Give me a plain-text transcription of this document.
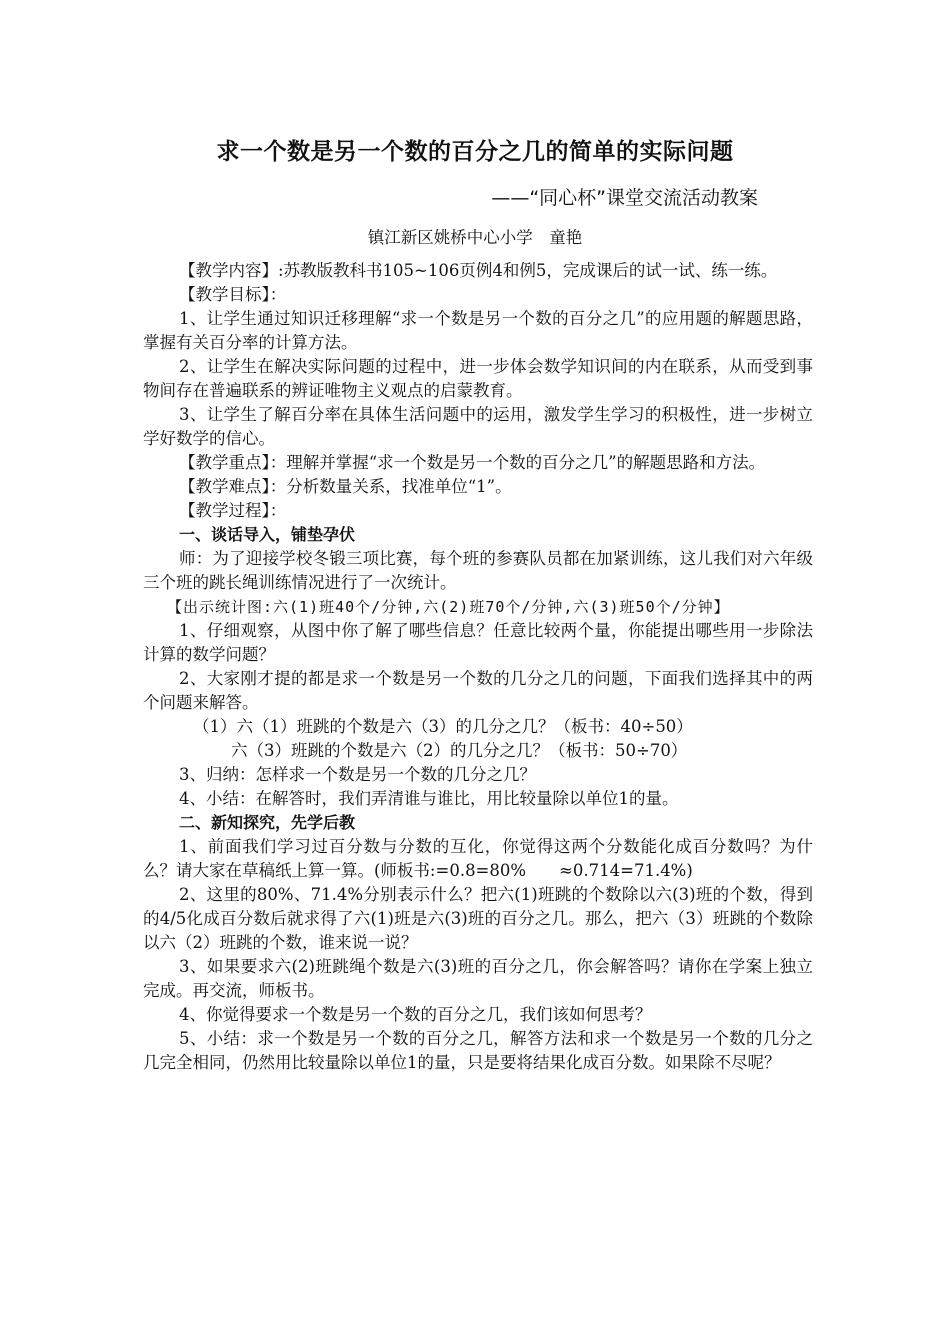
求一个数是另一个数的百分之几的简单的实际问题
——“同心杯”课堂交流活动教案
镇江新区姚桥中心小学　童艳

【教学内容】:苏教版教科书105~106页例4和例5，完成课后的试一试、练一练。

【教学目标】：

1、让学生通过知识迁移理解“求一个数是另一个数的百分之几”的应用题的解题思路，掌握有关百分率的计算方法。

2、让学生在解决实际问题的过程中，进一步体会数学知识间的内在联系，从而受到事物间存在普遍联系的辨证唯物主义观点的启蒙教育。

3、让学生了解百分率在具体生活问题中的运用，激发学生学习的积极性，进一步树立学好数学的信心。

【教学重点】：理解并掌握“求一个数是另一个数的百分之几”的解题思路和方法。

【教学难点】：分析数量关系，找准单位“1”。

【教学过程】：

一、谈话导入，铺垫孕伏

师：为了迎接学校冬锻三项比赛，每个班的参赛队员都在加紧训练，这儿我们对六年级三个班的跳长绳训练情况进行了一次统计。

【出示统计图:六(1)班40个/分钟,六(2)班70个/分钟,六(3)班50个/分钟】

1、仔细观察，从图中你了解了哪些信息？任意比较两个量，你能提出哪些用一步除法计算的数学问题？

2、大家刚才提的都是求一个数是另一个数的几分之几的问题，下面我们选择其中的两个问题来解答。

（1）六（1）班跳的个数是六（3）的几分之几？（板书：40÷50）

六（3）班跳的个数是六（2）的几分之几？（板书：50÷70）

3、归纳：怎样求一个数是另一个数的几分之几？

4、小结：在解答时，我们弄清谁与谁比，用比较量除以单位1的量。

二、新知探究，先学后教

1、前面我们学习过百分数与分数的互化，你觉得这两个分数能化成百分数吗？为什么？请大家在草稿纸上算一算。(师板书:=0.8=80%　　≈0.714=71.4%)

2、这里的80%、71.4%分别表示什么？把六(1)班跳的个数除以六(3)班的个数，得到的4/5化成百分数后就求得了六(1)班是六(3)班的百分之几。那么，把六（3）班跳的个数除以六（2）班跳的个数，谁来说一说？

3、如果要求六(2)班跳绳个数是六(3)班的百分之几，你会解答吗？请你在学案上独立完成。再交流，师板书。

4、你觉得要求一个数是另一个数的百分之几，我们该如何思考？

5、小结：求一个数是另一个数的百分之几，解答方法和求一个数是另一个数的几分之几完全相同，仍然用比较量除以单位1的量，只是要将结果化成百分数。如果除不尽呢？
